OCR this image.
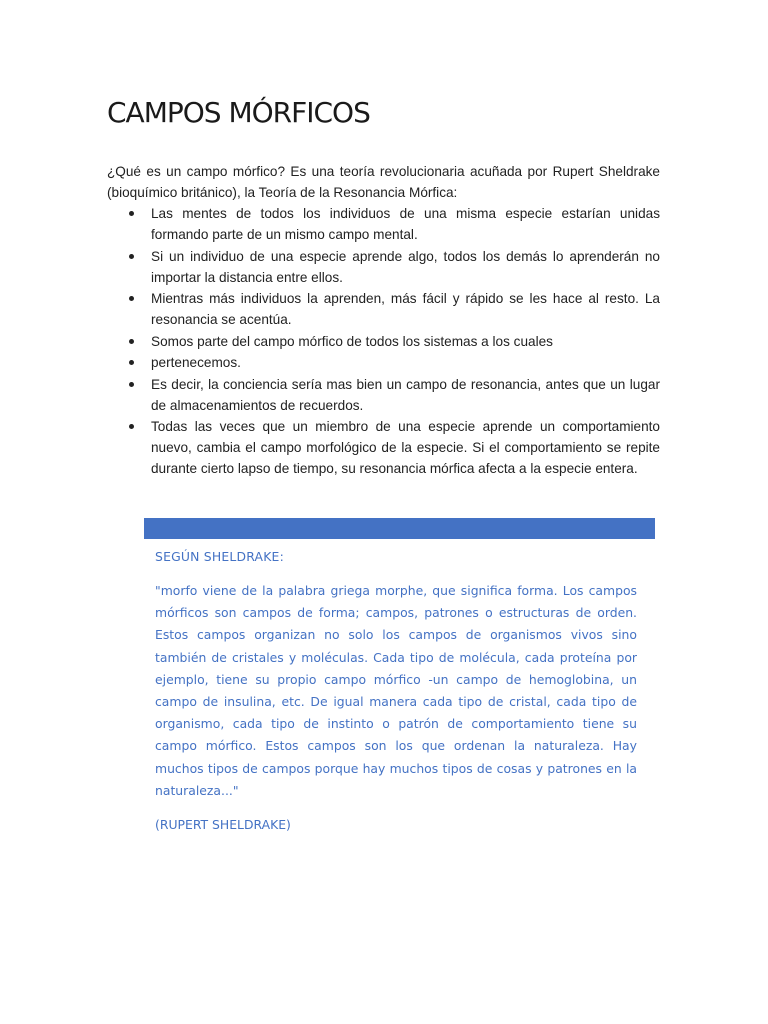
CAMPOS MÓRFICOS

¿Qué es un campo mórfico? Es una teoría revolucionaria acuñada por Rupert Sheldrake (bioquímico británico), la Teoría de la Resonancia Mórfica:

Las mentes de todos los individuos de una misma especie estarían unidas formando parte de un mismo campo mental.
Si un individuo de una especie aprende algo, todos los demás lo aprenderán no importar la distancia entre ellos.
Mientras más individuos la aprenden, más fácil y rápido se les hace al resto. La resonancia se acentúa.
Somos parte del campo mórfico de todos los sistemas a los cuales
pertenecemos.
Es decir, la conciencia sería mas bien un campo de resonancia, antes que un lugar de almacenamientos de recuerdos.
Todas las veces que un miembro de una especie aprende un comportamiento nuevo, cambia el campo morfológico de la especie. Si el comportamiento se repite durante cierto lapso de tiempo, su resonancia mórfica afecta a la especie entera.

SEGÚN SHELDRAKE:

"morfo viene de la palabra griega morphe, que significa forma. Los campos mórficos son campos de forma; campos, patrones o estructuras de orden. Estos campos organizan no solo los campos de organismos vivos sino también de cristales y moléculas. Cada tipo de molécula, cada proteína por ejemplo, tiene su propio campo mórfico -un campo de hemoglobina, un campo de insulina, etc. De igual manera cada tipo de cristal, cada tipo de organismo, cada tipo de instinto o patrón de comportamiento tiene su campo mórfico. Estos campos son los que ordenan la naturaleza. Hay muchos tipos de campos porque hay muchos tipos de cosas y patrones en la naturaleza..."

(RUPERT SHELDRAKE)
